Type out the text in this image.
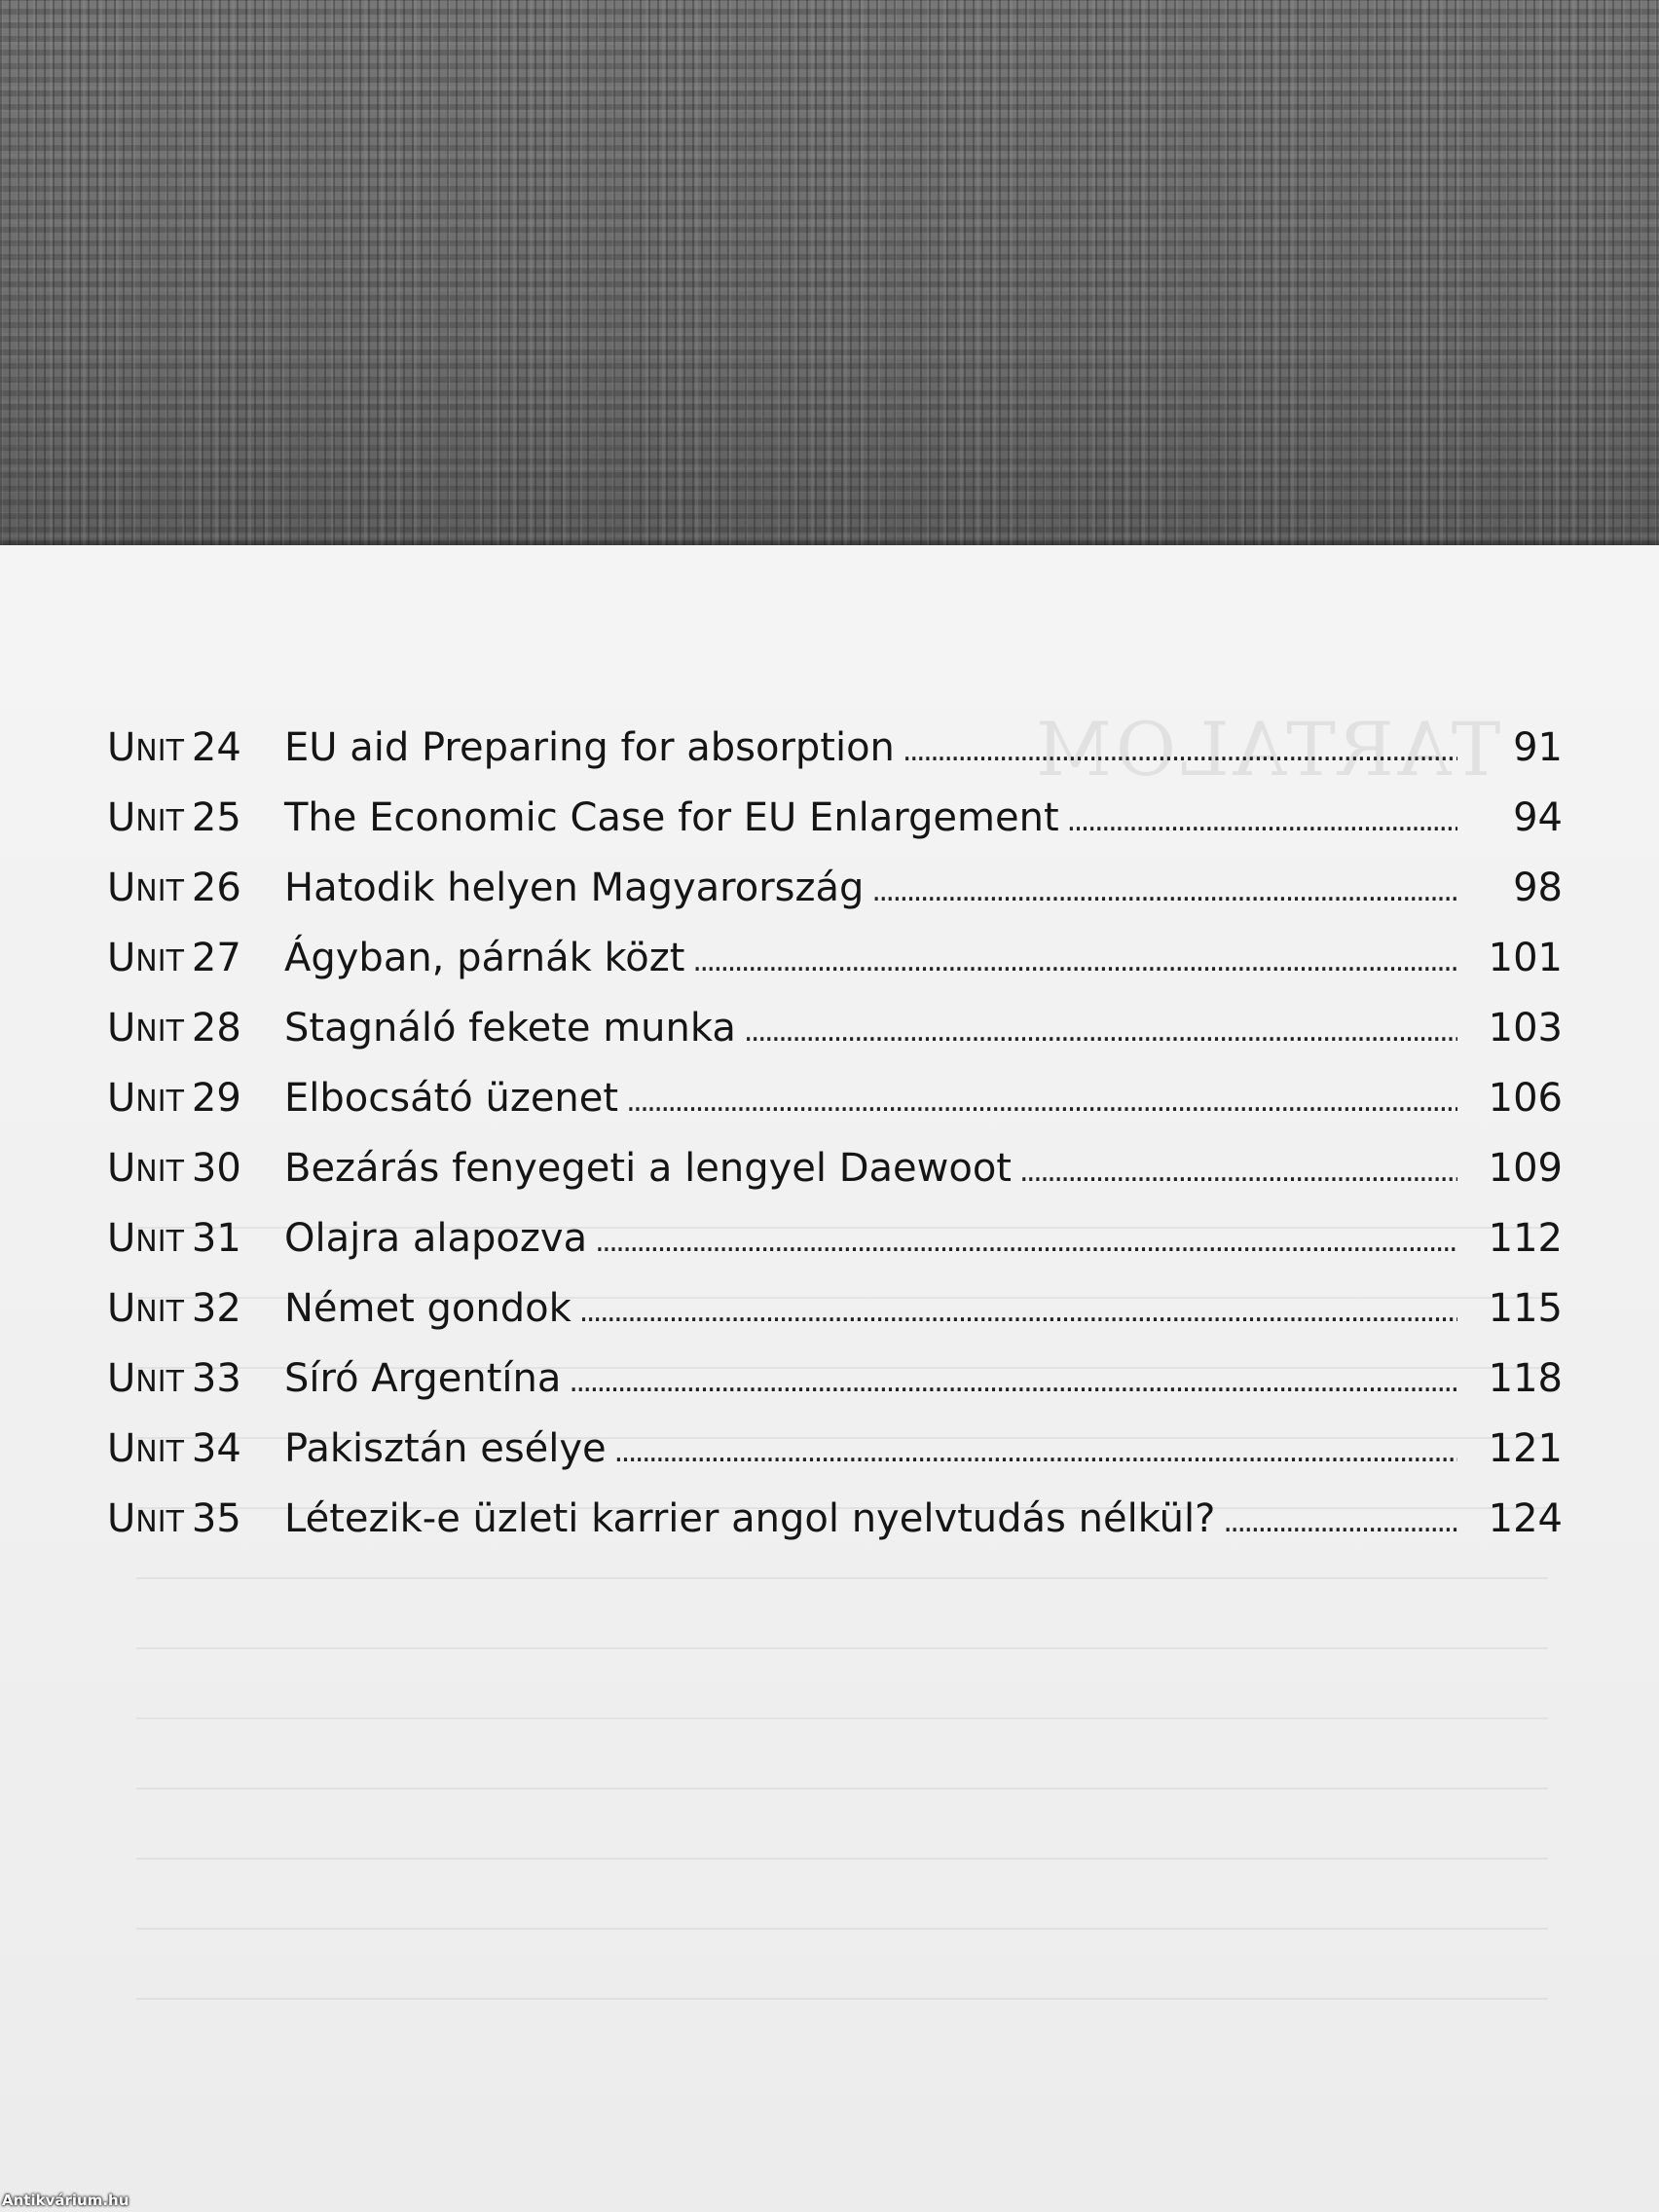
TARTALOM
UNIT 24	EU aid Preparing for absorption . . .	91
UNIT 25	The Economic Case for EU Enlargement . . .	94
UNIT 26	Hatodik helyen Magyarország . . .	98
UNIT 27	Ágyban, párnák közt . . .	101
UNIT 28	Stagnáló fekete munka . . .	103
UNIT 29	Elbocsátó üzenet . . .	106
UNIT 30	Bezárás fenyegeti a lengyel Daewoot . . .	109
UNIT 31	Olajra alapozva . . .	112
UNIT 32	Német gondok . . .	115
UNIT 33	Síró Argentína . . .	118
UNIT 34	Pakisztán esélye . . .	121
UNIT 35	Létezik-e üzleti karrier angol nyelvtudás nélkül? . . .	124
Antikvárium.hu
